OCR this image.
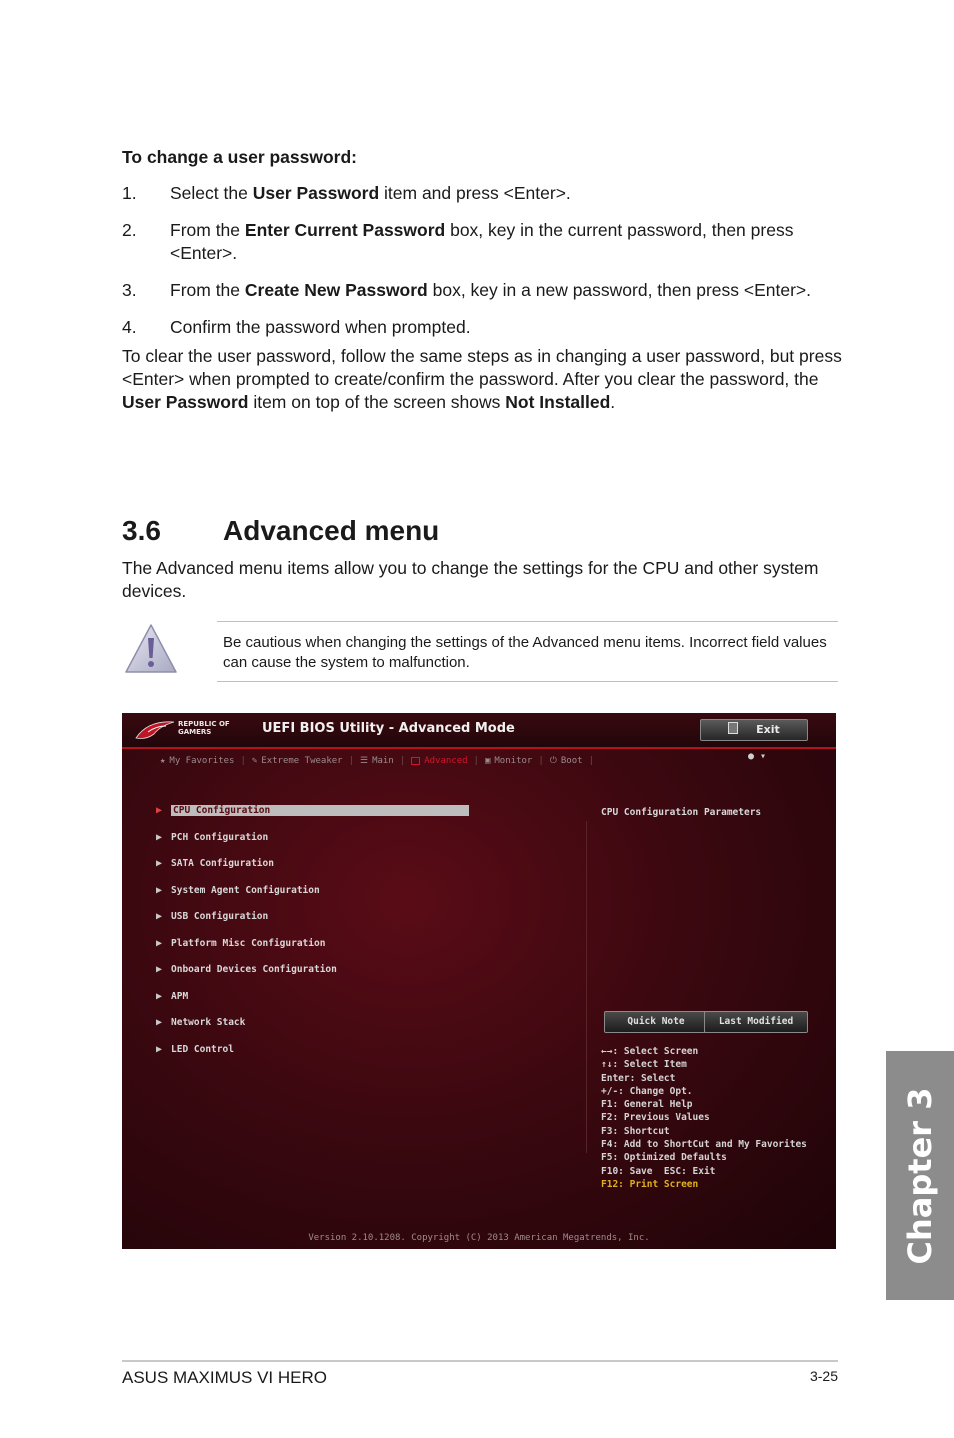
To change a user password:
1. Select the User Password item and press <Enter>.
2. From the Enter Current Password box, key in the current password, then press
<Enter>.
3. From the Create New Password box, key in a new password, then press <Enter>.
4. Confirm the password when prompted.
To clear the user password, follow the same steps as in changing a user password, but press
<Enter> when prompted to create/confirm the password. After you clear the password, the
User Password item on top of the screen shows Not Installed.
3.6 Advanced menu
The Advanced menu items allow you to change the settings for the CPU and other system
devices.
Be cautious when changing the settings of the Advanced menu items. Incorrect field values
can cause the system to malfunction.
REPUBLIC OF
GAMERS	UEFI BIOS Utility - Advanced Mode	Exit
★ My Favorites | ✎ Extreme Tweaker | ☰ Main | Advanced | ▣ Monitor | ⏻ Boot |	● ▾
▶	CPU Configuration
▶ PCH Configuration
▶ SATA Configuration
▶ System Agent Configuration
▶ USB Configuration
▶ Platform Misc Configuration
▶ Onboard Devices Configuration
▶ APM
▶ Network Stack
▶ LED Control
CPU Configuration Parameters
Quick Note	Last Modified
←→: Select Screen
↑↓: Select Item
Enter: Select
+/-: Change Opt.
F1: General Help
F2: Previous Values
F3: Shortcut
F4: Add to ShortCut and My Favorites
F5: Optimized Defaults
F10: Save  ESC: Exit
F12: Print Screen
Version 2.10.1208. Copyright (C) 2013 American Megatrends, Inc.	Chapter 3
ASUS MAXIMUS VI HERO	3-25
